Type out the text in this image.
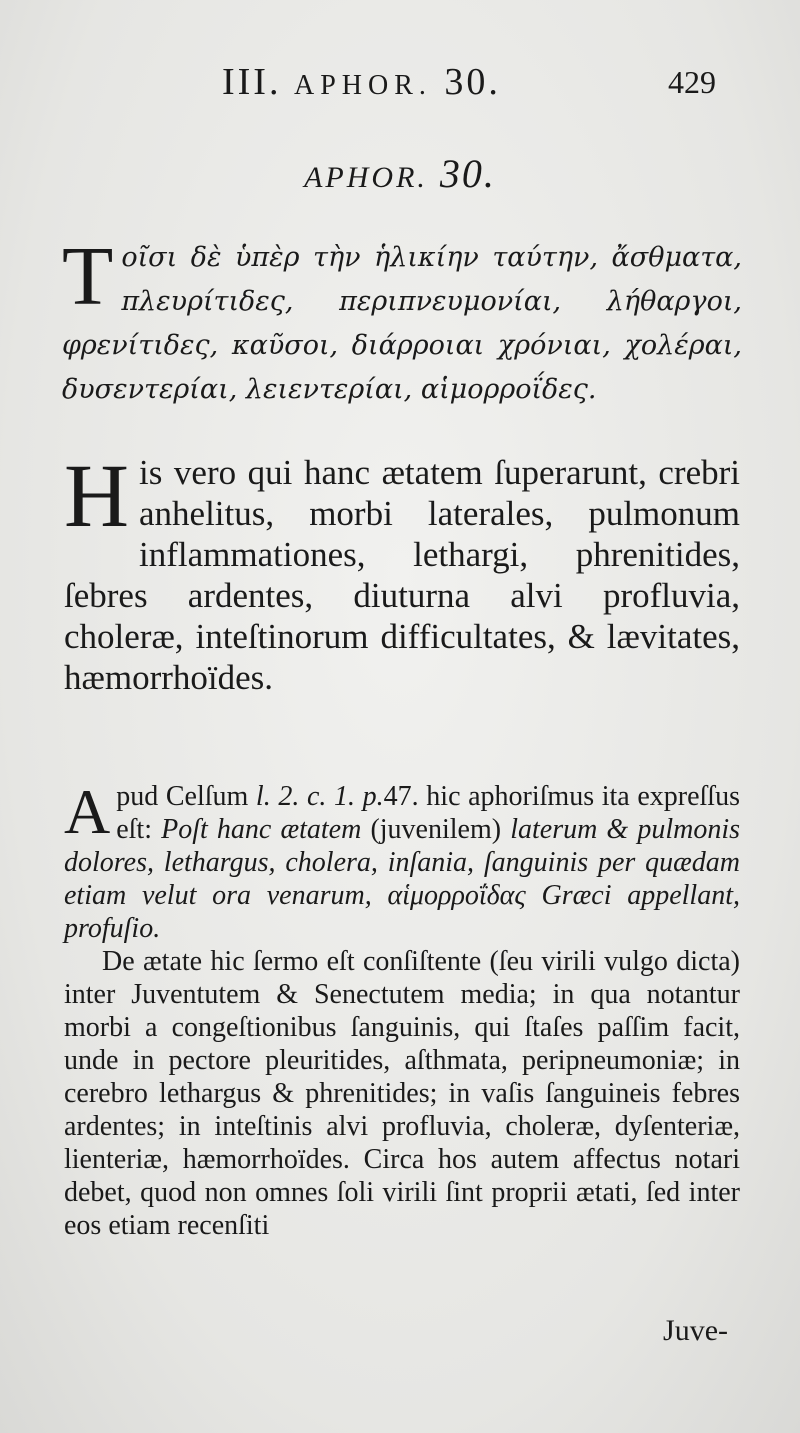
III. APHOR. 30.	429
APHOR. 30.
Tοῖσι δὲ ὑπὲρ τὴν ἡλικίην ταύτην, ἄσθματα, πλευρίτιδες, περιπνευμονίαι, λήθαργοι, φρενίτιδες, καῦσοι, διάρροιαι χρόνιαι, χολέραι, δυσεντερίαι, λειεντερίαι, αἱμορροΐδες.
His vero qui hanc ætatem ſuperarunt, crebri anhelitus, morbi laterales, pulmonum inflammationes, lethargi, phrenitides, ſebres ardentes, diuturna alvi profluvia, choleræ, inteſtinorum difficultates, & lævitates, hæmorrhoïdes.

Apud Celſum l. 2. c. 1. p.47. hic aphoriſmus ita expreſſus eſt: Poſt hanc ætatem (juvenilem) laterum & pulmonis dolores, lethargus, cholera, inſania, ſanguinis per quædam etiam velut ora venarum, αἱμορροΐδας Græci appellant, profuſio.

De ætate hic ſermo eſt conſiſtente (ſeu virili vulgo dicta) inter Juventutem & Senectutem media; in qua notantur morbi a congeſtionibus ſanguinis, qui ſtaſes paſſim facit, unde in pectore pleuritides, aſthmata, peripneumoniæ; in cerebro lethargus & phrenitides; in vaſis ſanguineis febres ardentes; in inteſtinis alvi profluvia, choleræ, dyſenteriæ, lienteriæ, hæmorrhoïdes. Circa hos autem affectus notari debet, quod non omnes ſoli virili ſint proprii ætati, ſed inter eos etiam recenſiti

Juve-
